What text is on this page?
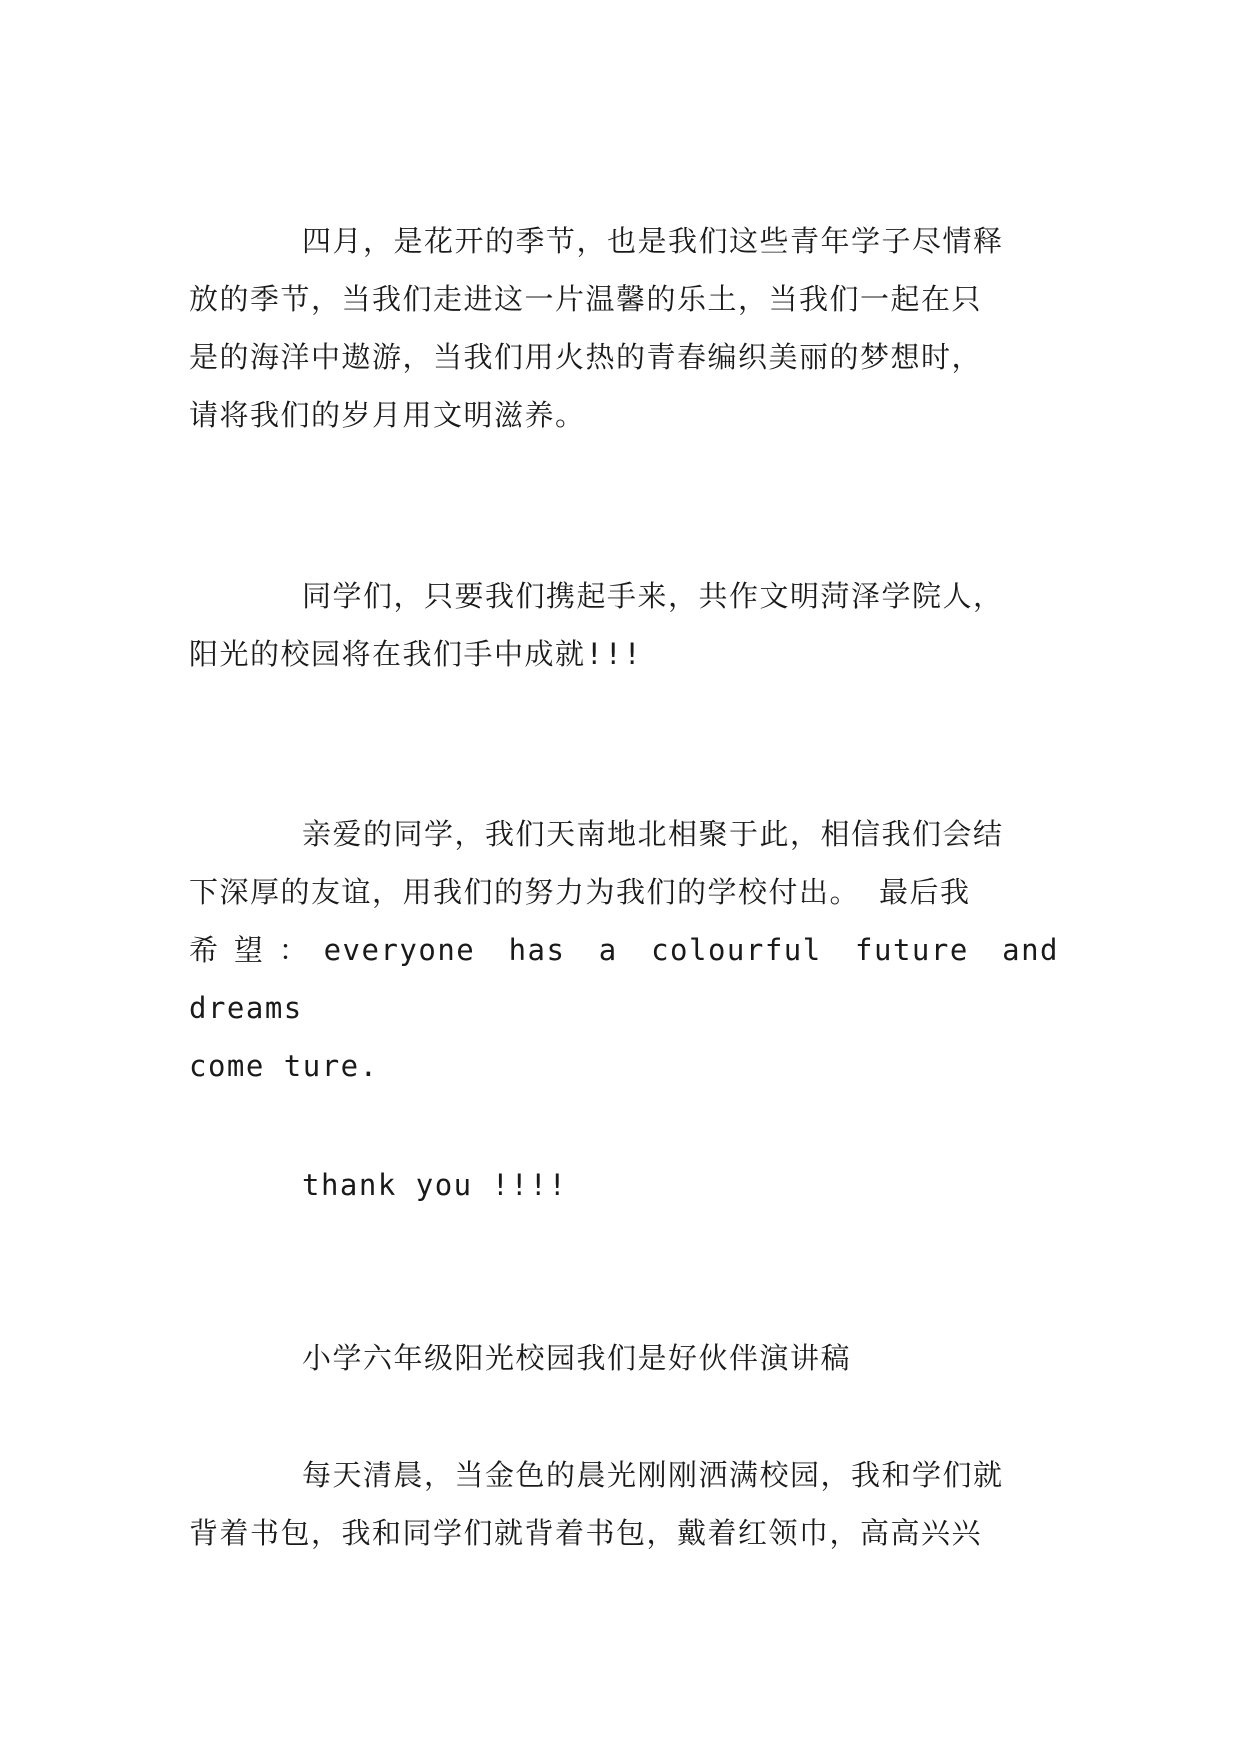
四月，是花开的季节，也是我们这些青年学子尽情释
放的季节，当我们走进这一片温馨的乐土，当我们一起在只
是的海洋中遨游，当我们用火热的青春编织美丽的梦想时，
请将我们的岁月用文明滋养。

同学们，只要我们携起手来，共作文明菏泽学院人，
阳光的校园将在我们手中成就!!!

亲爱的同学，我们天南地北相聚于此，相信我们会结
下深厚的友谊，用我们的努力为我们的学校付出。 最后我
希望：everyone has a colourful future and dreams
come ture.

thank you !!!!

小学六年级阳光校园我们是好伙伴演讲稿

每天清晨，当金色的晨光刚刚洒满校园，我和学们就
背着书包，我和同学们就背着书包，戴着红领巾，高高兴兴
